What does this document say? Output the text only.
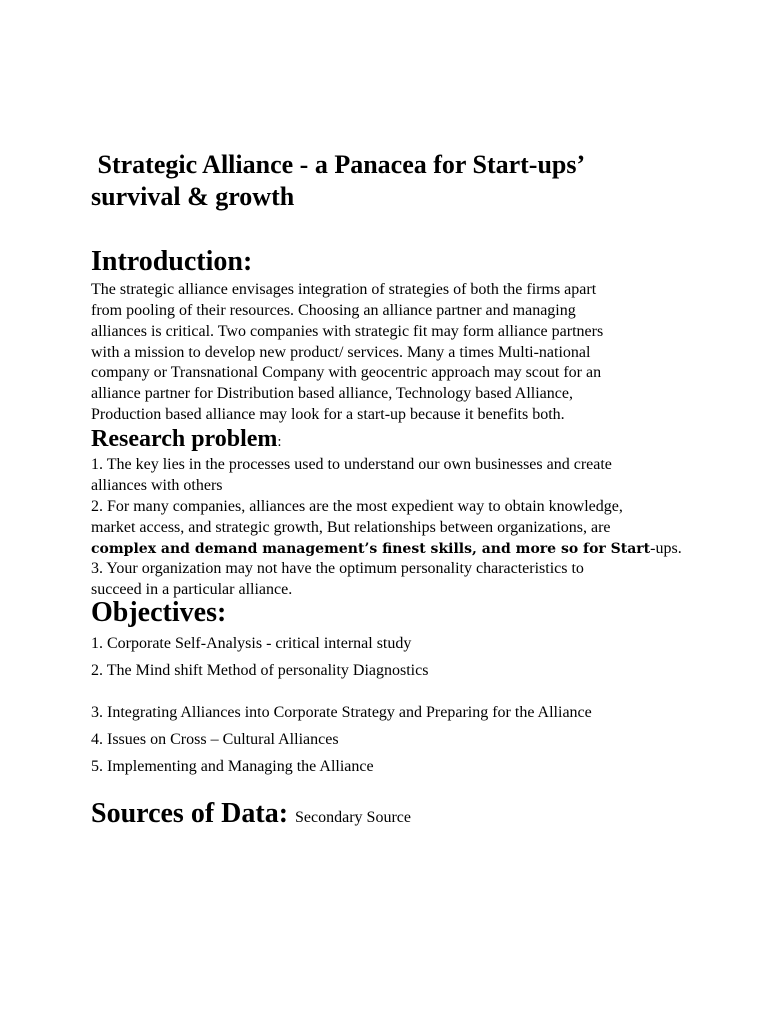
Strategic Alliance - a Panacea for Start-ups’
survival & growth
Introduction:
The strategic alliance envisages integration of strategies of both the firms apart
from pooling of their resources. Choosing an alliance partner and managing
alliances is critical. Two companies with strategic fit may form alliance partners
with a mission to develop new product/ services. Many a times Multi-national
company or Transnational Company with geocentric approach may scout for an
alliance partner for Distribution based alliance, Technology based Alliance,
Production based alliance may look for a start-up because it benefits both.
Research problem:
1. The key lies in the processes used to understand our own businesses and create
alliances with others
2. For many companies, alliances are the most expedient way to obtain knowledge,
market access, and strategic growth, But relationships between organizations, are
complex and demand management’s finest skills, and more so for Start-ups.
3. Your organization may not have the optimum personality characteristics to
succeed in a particular alliance.
Objectives:
1. Corporate Self-Analysis - critical internal study
2. The Mind shift Method of personality Diagnostics
3. Integrating Alliances into Corporate Strategy and Preparing for the Alliance
4. Issues on Cross – Cultural Alliances
5. Implementing and Managing the Alliance
Sources of Data: Secondary Source
